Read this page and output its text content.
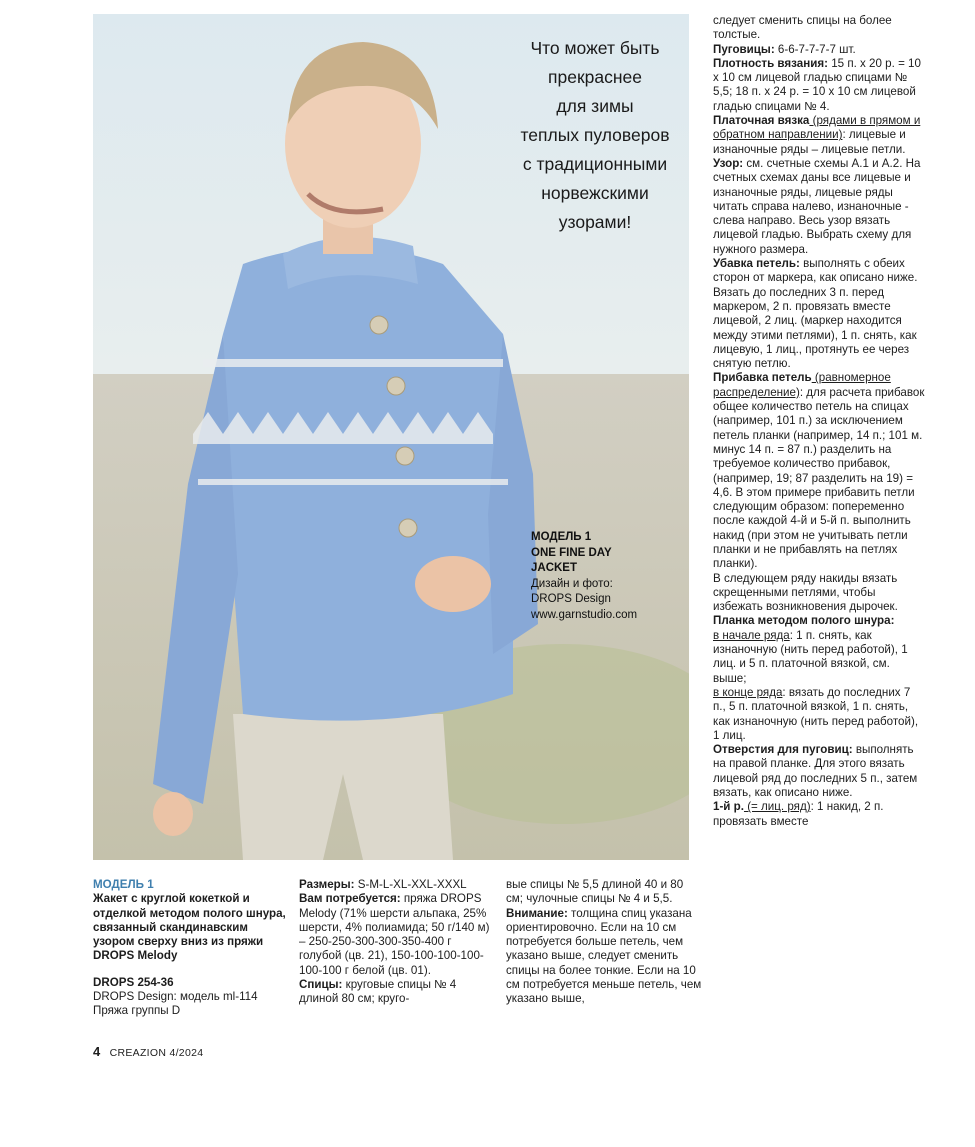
Что может быть
прекраснее
для зимы
теплых пуловеров
с традиционными
норвежскими
узорами!
МОДЕЛЬ 1
ONE FINE DAY
JACKET
Дизайн и фото:
DROPS Design
www.garnstudio.com

следует сменить спицы на более толстые.

Пуговицы: 6-6-7-7-7-7 шт.

Плотность вязания: 15 п. х 20 р. = 10 х 10 см лицевой гладью спицами № 5,5; 18 п. х 24 р. = 10 х 10 см лицевой гладью спицами № 4.

Платочная вязка (рядами в прямом и обратном направлении): лицевые и изнаночные ряды – лицевые петли.

Узор: см. счетные схемы А.1 и А.2. На счетных схемах даны все лицевые и изнаночные ряды, лицевые ряды читать справа налево, изнаночные - слева направо. Весь узор вязать лицевой гладью. Выбрать схему для нужного размера.

Убавка петель: выполнять с обеих сторон от маркера, как описано ниже.

Вязать до последних 3 п. перед маркером, 2 п. провязать вместе лицевой, 2 лиц. (маркер находится между этими петлями), 1 п. снять, как лицевую, 1 лиц., протянуть ее через снятую петлю.

Прибавка петель (равномерное распределение): для расчета прибавок общее количество петель на спицах (например, 101 п.) за исключением петель планки (например, 14 п.; 101 м. минус 14 п. = 87 п.) разделить на требуемое количество прибавок, (например, 19; 87 разделить на 19) = 4,6. В этом примере прибавить петли следующим образом: попеременно после каждой 4-й и 5-й п. выполнить накид (при этом не учитывать петли планки и не прибавлять на петлях планки).

В следующем ряду накиды вязать скрещенными петлями, чтобы избежать возникновения дырочек.

Планка методом полого шнура:

в начале ряда: 1 п. снять, как изнаночную (нить перед работой), 1 лиц. и 5 п. платочной вязкой, см. выше;

в конце ряда: вязать до последних 7 п., 5 п. платочной вязкой, 1 п. снять, как изнаночную (нить перед работой), 1 лиц.

Отверстия для пуговиц: выполнять на правой планке. Для этого вязать лицевой ряд до последних 5 п., затем вязать, как описано ниже.

1-й р. (= лиц. ряд): 1 накид, 2 п. провязать вместе

МОДЕЛЬ 1

Жакет с круглой кокеткой и отделкой методом полого шнура, связанный скандинавским узором сверху вниз из пряжи DROPS Melody

DROPS 254-36

DROPS Design: модель ml-114

Пряжа группы D

Размеры: S-M-L-XL-XXL-XXXL

Вам потребуется: пряжа DROPS Melody (71% шерсти альпака, 25% шерсти, 4% полиамида; 50 г/140 м) – 250-250-300-300-350-400 г голубой (цв. 21), 150-100-100-100-100-100 г белой (цв. 01).

Спицы: круговые спицы № 4 длиной 80 см; круго-

вые спицы № 5,5 длиной 40 и 80 см; чулочные спицы № 4 и 5,5.

Внимание: толщина спиц указана ориентировочно. Если на 10 см потребуется больше петель, чем указано выше, следует сменить спицы на более тонкие. Если на 10 см потребуется меньше петель, чем указано выше,

4 CREAZION 4/2024
